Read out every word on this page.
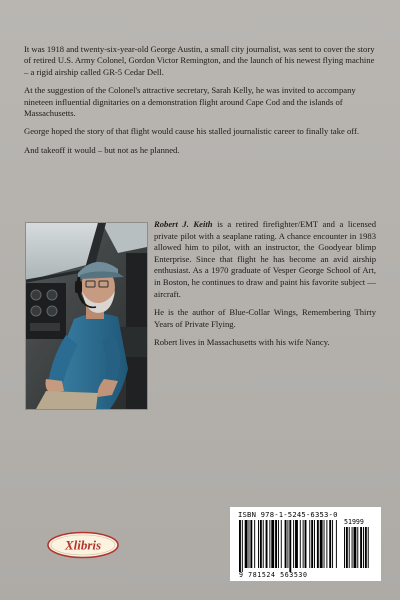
It was 1918 and twenty-six-year-old George Austin, a small city journalist, was sent to cover the story of retired U.S. Army Colonel, Gordon Victor Remington, and the launch of his newest flying machine – a rigid airship called GR-5 Cedar Dell.

At the suggestion of the Colonel's attractive secretary, Sarah Kelly, he was invited to accompany nineteen influential dignitaries on a demonstration flight around Cape Cod and the islands of Massachusetts.

George hoped the story of that flight would cause his stalled journalistic career to finally take off.

And takeoff it would – but not as he planned.

Robert J. Keith is a retired firefighter/EMT and a licensed private pilot with a seaplane rating. A chance encounter in 1983 allowed him to pilot, with an instructor, the Goodyear blimp Enterprise. Since that flight he has become an avid airship enthusiast. As a 1970 graduate of Vesper George School of Art, in Boston, he continues to draw and paint his favorite subject — aircraft.

He is the author of Blue-Collar Wings, Remembering Thirty Years of Private Flying.

Robert lives in Massachusetts with his wife Nancy.

Xlibris
ISBN 978-1-5245-6353-0
51999
9 781524 563530
